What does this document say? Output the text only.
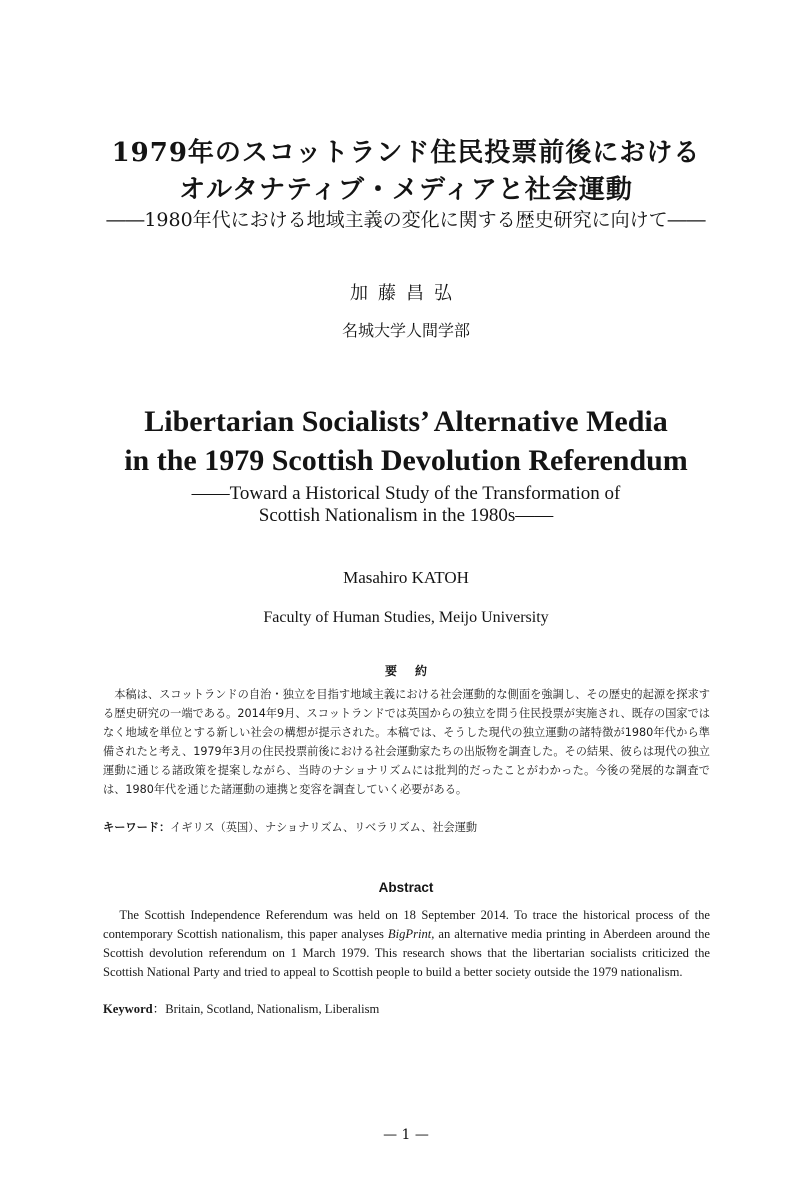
1979年のスコットランド住民投票前後における
オルタナティブ・メディアと社会運動
――1980年代における地域主義の変化に関する歴史研究に向けて――
加藤昌弘
名城大学人間学部
Libertarian Socialists’ Alternative Media
in the 1979 Scottish Devolution Referendum
――Toward a Historical Study of the Transformation of
Scottish Nationalism in the 1980s――
Masahiro KATOH
Faculty of Human Studies, Meijo University
要約
本稿は、スコットランドの自治・独立を目指す地域主義における社会運動的な側面を強調し、その歴史的起源を探求する歴史研究の一端である。2014年9月、スコットランドでは英国からの独立を問う住民投票が実施され、既存の国家ではなく地域を単位とする新しい社会の構想が提示された。本稿では、そうした現代の独立運動の諸特徴が1980年代から準備されたと考え、1979年3月の住民投票前後における社会運動家たちの出版物を調査した。その結果、彼らは現代の独立運動に通じる諸政策を提案しながら、当時のナショナリズムには批判的だったことがわかった。今後の発展的な調査では、1980年代を通じた諸運動の連携と変容を調査していく必要がある。
キーワード：イギリス（英国）、ナショナリズム、リベラリズム、社会運動
Abstract
The Scottish Independence Referendum was held on 18 September 2014. To trace the historical process of the contemporary Scottish nationalism, this paper analyses BigPrint, an alternative media printing in Aberdeen around the Scottish devolution referendum on 1 March 1979. This research shows that the libertarian socialists criticized the Scottish National Party and tried to appeal to Scottish people to build a better society outside the 1979 nationalism.
Keyword：Britain, Scotland, Nationalism, Liberalism
— 1 —
